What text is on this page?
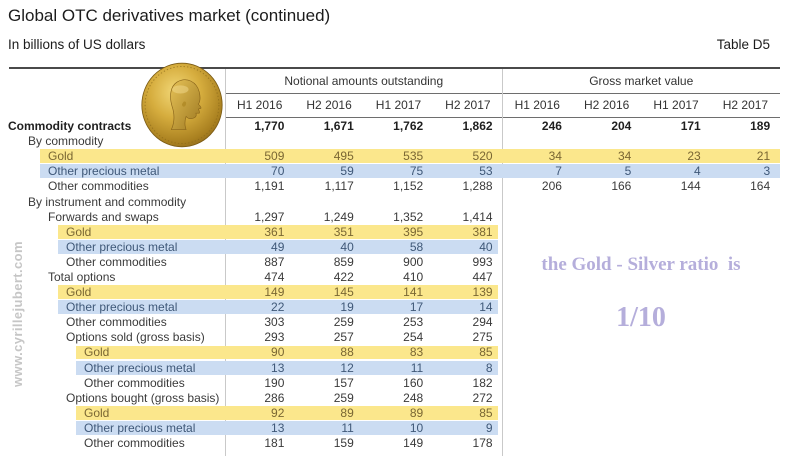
Global OTC derivatives market (continued)
In billions of US dollars	Table D5
Notional amounts outstanding	Gross market value
H1 2016	H2 2016	H1 2017	H2 2017	H1 2016	H2 2016	H1 2017	H2 2017
Commodity contracts	1,770	1,671	1,762	1,862	246	204	171	189
By commodity
Gold	509	495	535	520	34	34	23	21
Other precious metal	70	59	75	53	7	5	4	3
Other commodities	1,191	1,117	1,152	1,288	206	166	144	164
By instrument and commodity
Forwards and swaps	1,297	1,249	1,352	1,414
Gold	361	351	395	381
Other precious metal	49	40	58	40
Other commodities	887	859	900	993
Total options	474	422	410	447
Gold	149	145	141	139
Other precious metal	22	19	17	14
Other commodities	303	259	253	294
Options sold (gross basis)	293	257	254	275
Gold	90	88	83	85
Other precious metal	13	12	11	8
Other commodities	190	157	160	182
Options bought (gross basis)	286	259	248	272
Gold	92	89	89	85
Other precious metal	13	11	10	9
Other commodities	181	159	149	178
www.cyrillejubert.com	the Gold - Silver ratio  is
1/10
